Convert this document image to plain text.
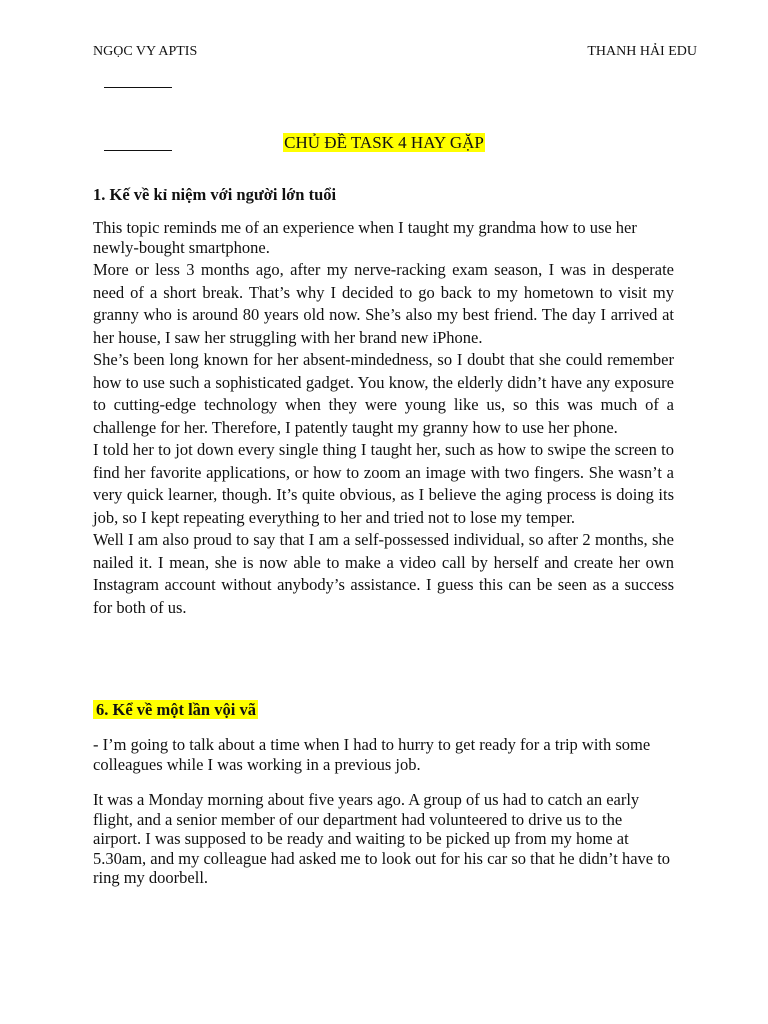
NGỌC VY APTIS	THANH HẢI EDU
CHỦ ĐỀ TASK 4 HAY GẶP
1. Kế về kỉ niệm với người lớn tuổi

This topic reminds me of an experience when I taught my grandma how to use her newly-bought smartphone.

More or less 3 months ago, after my nerve-racking exam season, I was in desperate need of a short break. That’s why I decided to go back to my hometown to visit my granny who is around 80 years old now. She’s also my best friend. The day I arrived at her house, I saw her struggling with her brand new iPhone.

She’s been long known for her absent-mindedness, so I doubt that she could remember how to use such a sophisticated gadget. You know, the elderly didn’t have any exposure to cutting-edge technology when they were young like us, so this was much of a challenge for her. Therefore, I patently taught my granny how to use her phone.

I told her to jot down every single thing I taught her, such as how to swipe the screen to find her favorite applications, or how to zoom an image with two fingers. She wasn’t a very quick learner, though. It’s quite obvious, as I believe the aging process is doing its job, so I kept repeating everything to her and tried not to lose my temper.

Well I am also proud to say that I am a self-possessed individual, so after 2 months, she nailed it. I mean, she is now able to make a video call by herself and create her own Instagram account without anybody’s assistance. I guess this can be seen as a success for both of us.

6. Kể về một lần vội vã

- I’m going to talk about a time when I had to hurry to get ready for a trip with some colleagues while I was working in a previous job.

It was a Monday morning about five years ago. A group of us had to catch an early flight, and a senior member of our department had volunteered to drive us to the airport. I was supposed to be ready and waiting to be picked up from my home at 5.30am, and my colleague had asked me to look out for his car so that he didn’t have to ring my doorbell.
